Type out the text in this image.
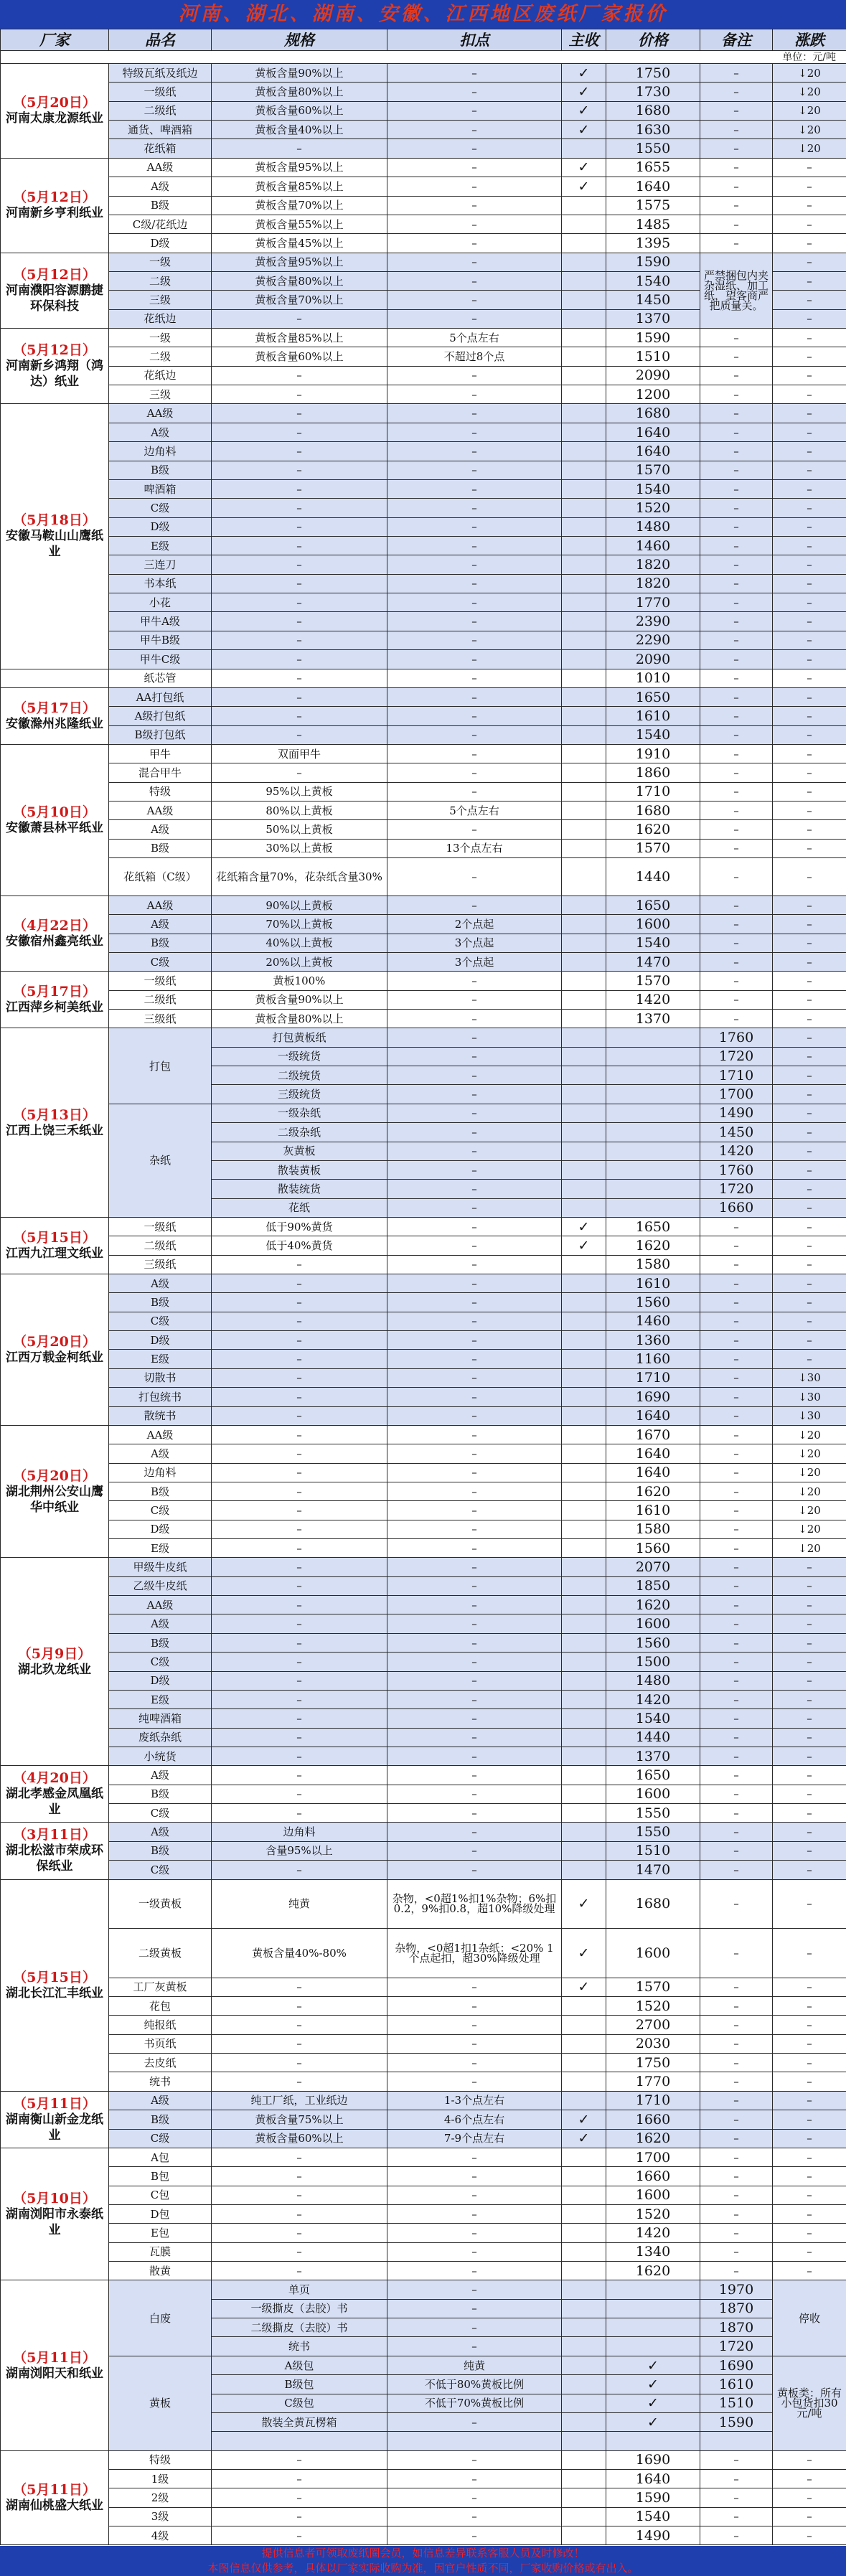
河南、湖北、湖南、安徽、江西地区废纸厂家报价
厂家	品名	规格	扣点	主收	价格	备注	涨跌	
单位：元/吨								

（5月20日）
河南太康龙源纸业	特级瓦纸及纸边	黄板含量90%以上	–	✓	1750	–	↓20	
	一级纸	黄板含量80%以上	–	✓	1730	–	↓20	
	二级纸	黄板含量60%以上	–	✓	1680	–	↓20	
	通货、啤酒箱	黄板含量40%以上	–	✓	1630	–	↓20	
	花纸箱	–	–		1550	–	↓20	

（5月12日）
河南新乡亨利纸业	AA级	黄板含量95%以上	–	✓	1655	–	–	
	A级	黄板含量85%以上	–	✓	1640	–	–	
	B级	黄板含量70%以上	–		1575	–	–	
	C级/花纸边	黄板含量55%以上	–		1485	–	–	
	D级	黄板含量45%以上	–		1395	–	–	

（5月12日）
河南濮阳容源鹏捷环保科技	一级	黄板含量95%以上	–		1590	严禁捆包内夹杂湿纸、加工纸，望客商严把质量关。	–	
	二级	黄板含量80%以上	–		1540		–	
	三级	黄板含量70%以上	–		1450		–	
	花纸边	–	–		1370		–	

（5月12日）
河南新乡鸿翔（鸿达）纸业	一级	黄板含量85%以上	5个点左右		1590	–	–	
	二级	黄板含量60%以上	不超过8个点		1510	–	–	
	花纸边	–	–		2090	–	–	
	三级	–	–		1200	–	–	

（5月18日）
安徽马鞍山山鹰纸业	AA级	–	–		1680	–	–	
	A级	–	–		1640	–	–	
	边角料	–	–		1640	–	–	
	B级	–	–		1570	–	–	
	啤酒箱	–	–		1540	–	–	
	C级	–	–		1520	–	–	
	D级	–	–		1480	–	–	
	E级	–	–		1460	–	–	
	三连刀	–	–		1820	–	–	
	书本纸	–	–		1820	–	–	
	小花	–	–		1770	–	–	
	甲牛A级	–	–		2390	–	–	
	甲牛B级	–	–		2290	–	–	
	甲牛C级	–	–		2090	–	–	

	纸芯管	–	–		1010	–	–	

（5月17日）
安徽滁州兆隆纸业	AA打包纸	–	–		1650	–	–	
	A级打包纸	–	–		1610	–	–	
	B级打包纸	–	–		1540	–	–	

（5月10日）
安徽萧县林平纸业	甲牛	双面甲牛	–		1910	–	–	
	混合甲牛	–	–		1860	–	–	
	特级	95%以上黄板	–		1710	–	–	
	AA级	80%以上黄板	5个点左右		1680	–	–	
	A级	50%以上黄板	–		1620	–	–	
	B级	30%以上黄板	13个点左右		1570	–	–	
	花纸箱（C级）	花纸箱含量70%，花杂纸含量30%	–		1440	–	–	

（4月22日）
安徽宿州鑫亮纸业	AA级	90%以上黄板	–		1650	–	–	
	A级	70%以上黄板	2个点起		1600	–	–	
	B级	40%以上黄板	3个点起		1540	–	–	
	C级	20%以上黄板	3个点起		1470	–	–	

（5月17日）
江西萍乡柯美纸业	一级纸	黄板100%	–		1570	–	–	
	二级纸	黄板含量90%以上	–		1420	–	–	
	三级纸	黄板含量80%以上	–		1370	–	–	

（5月13日）
江西上饶三禾纸业	打包	打包黄板纸	–			1760	–	
		一级统货	–			1720	–	
		二级统货	–			1710	–	
		三级统货	–			1700	–	
	杂纸	一级杂纸	–			1490	–	
		二级杂纸	–			1450	–	
		灰黄板	–			1420	–	
		散装黄板	–			1760	–	
		散装统货	–			1720	–	
		花纸	–			1660	–	

（5月15日）
江西九江理文纸业	一级纸	低于90%黄货	–	✓	1650	–	–	
	二级纸	低于40%黄货	–	✓	1620	–	–	
	三级纸	–	–		1580	–	–	

（5月20日）
江西万载金柯纸业	A级	–	–		1610	–	–	
	B级	–	–		1560	–	–	
	C级	–	–		1460	–	–	
	D级	–	–		1360	–	–	
	E级	–	–		1160	–	–	
	切散书	–	–		1710	–	↓30	
	打包统书	–	–		1690	–	↓30	
	散统书	–	–		1640	–	↓30	

（5月20日）
湖北荆州公安山鹰华中纸业	AA级	–	–		1670	–	↓20	
	A级	–	–		1640	–	↓20	
	边角料	–	–		1640	–	↓20	
	B级	–	–		1620	–	↓20	
	C级	–	–		1610	–	↓20	
	D级	–	–		1580	–	↓20	
	E级	–	–		1560	–	↓20	

（5月9日）
湖北玖龙纸业	甲级牛皮纸	–	–		2070	–	–	
	乙级牛皮纸	–	–		1850	–	–	
	AA级	–	–		1620	–	–	
	A级	–	–		1600	–	–	
	B级	–	–		1560	–	–	
	C级	–	–		1500	–	–	
	D级	–	–		1480	–	–	
	E级	–	–		1420	–	–	
	纯啤酒箱	–	–		1540	–	–	
	废纸杂纸	–	–		1440	–	–	
	小统货	–	–		1370	–	–	

（4月20日）
湖北孝感金凤凰纸业	A级	–	–		1650	–	–	
	B级	–	–		1600	–	–	
	C级	–	–		1550	–	–	

（3月11日）
湖北松滋市荣成环保纸业	A级	边角料	–		1550	–	–	
	B级	含量95%以上	–		1510	–	–	
	C级	–	–		1470	–	–	

（5月15日）
湖北长江汇丰纸业	一级黄板	纯黄	杂物，<0超1%扣1%杂物；6%扣0.2，9%扣0.8，超10%降级处理	✓	1680	–	–	
	二级黄板	黄板含量40%-80%	杂物，<0超1扣1杂纸：<20% 1个点起扣，超30%降级处理	✓	1600	–	–	
	工厂灰黄板	–	–	✓	1570	–	–	
	花包	–	–		1520	–	–	
	纯报纸	–	–		2700	–	–	
	书页纸	–	–		2030	–	–	
	去皮纸	–	–		1750	–	–	
	统书	–	–		1770	–	–	

（5月11日）
湖南衡山新金龙纸业	A级	纯工厂纸，工业纸边	1-3个点左右		1710	–	–	
	B级	黄板含量75%以上	4-6个点左右	✓	1660	–	–	
	C级	黄板含量60%以上	7-9个点左右	✓	1620	–	–	

（5月10日）
湖南浏阳市永泰纸业	A包	–	–		1700	–	–	
	B包	–	–		1660	–	–	
	C包	–	–		1600	–	–	
	D包	–	–		1520	–	–	
	E包	–	–		1420	–	–	
	瓦膜	–	–		1340	–	–	
	散黄	–	–		1620	–	–	

（5月11日）
湖南浏阳天和纸业	白废	单页	–			1970	停收	
		一级撕皮（去胶）书	–			1870	
		二级撕皮（去胶）书	–			1870	
		统书	–			1720	
	黄板	A级包	纯黄		✓	1690	黄板类：所有小包货扣30元/吨	
		B级包	不低于80%黄板比例		✓	1610	
		C级包	不低于70%黄板比例		✓	1510	
		散装全黄瓦楞箱	–		✓	1590	

（5月11日）
湖南仙桃盛大纸业	特级	–	–		1690	–	–	
	1级	–	–		1640	–	–	
	2级	–	–		1590	–	–	
	3级	–	–		1540	–	–	
	4级	–	–		1490	–	–	
提供信息者可领取废纸圈会员，如信息差异联系客服人员及时修改！
本图信息仅供参考，具体以厂家实际收购为准，因官户性质不同，厂家收购价格或有出入。
